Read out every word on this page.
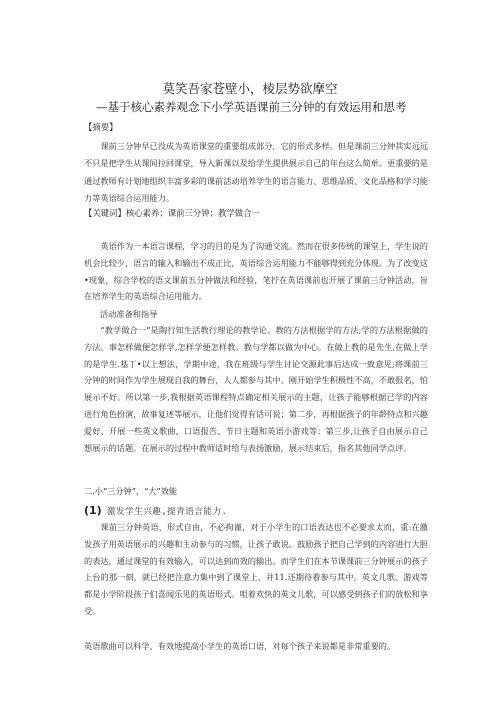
莫笑吾家苍壁小，棱层势欲摩空
—基于核心素养观念下小学英语课前三分钟的有效运用和思考
【摘要】
课前三分钟早已没成为英语课堂的重要组成部分，它的形式多样。但是课前三分钟其实远远不只是把学生从课间拉回课堂，导入新课以及给学生提供展示自己的年台这么简单。更重要的是通过教师有计划地组织丰富多彩的课前活动培养学生的语言能力、思维品质、文化品格和学习能力等英语综合运用能力。
【关键词】核心素养；课前三分钟；教学做合一
英语作为一本语言课程，学习的目的是为了沟通交流。然而在很多传统的课堂上，学生说的机会比较少，语言的输入和输出不成正比，英语综合运用能力不能够得到充分体现。为了改变这•现象，综合学校的语文课前五分钟做法和经验，笔拧在英语课前也开展了课前三分钟活动，旨在培养学生的英语综合运用能力。
活动准备和指导
“教学做合一”是陶行知生活教行理论的教学论。教的方法根据学的方法;学的方法根据做的方法。事怎样做便怎样学,怎样学便怎样教。教与学都以做为中心。在做上教的是先生,在做上学的是学生.基丁•以上想法，学期中途，我在班级与学生讨论交源此事后达成一致意见;将课前三分钟的时间作为学生展现自我的舞台，人人都参与其中。刚开始学生积极性不高，不敢报名，怕展示不好。所以第一步,我根据英语课程特点确定相关展示的主题，让孩子能够根据已学的内容进行角色扮演，故事复述等展示，让他们觉得有话可说；第二步，再根据孩子的年龄特点和兴趣爱好，开展一些英文歌曲、口语报告、节日主题和英语小游戏等：第三步,让孩子自由展示自己想展示的话题。在展示的过程中教师适时给与表扬激励，展示结束后，指名其他同学点评。
二.小“三分钟”，“大”效能
(1) 激发学生兴趣,提青语言能力.
课前三分钟英语，形式自由，不必拘谨，对于小学生的口语表达也不必要求太而，重:在激发孩子用英语展示的兴趣和主动参与的习惯，让孩子敢说。鼓励孩子把自己学到的内容进行大胆的表达，通过课堂的有效输入，可以达到而效的输出。而学生们在本节课课前三分钟展示的孩子上台的那一刻，就已经把注意力集中到了课堂上，并11.还期待着参与其中。英文儿歌、游戏等都是小学阶段孩子们喜闻乐见的英语形式。咀着欢快的英文儿歌，可以感受到孩子们的放松和享受。
英语歌曲可以科学、有效地提高小学生的英语口语，对每个孩子来说都是非常重要的。
